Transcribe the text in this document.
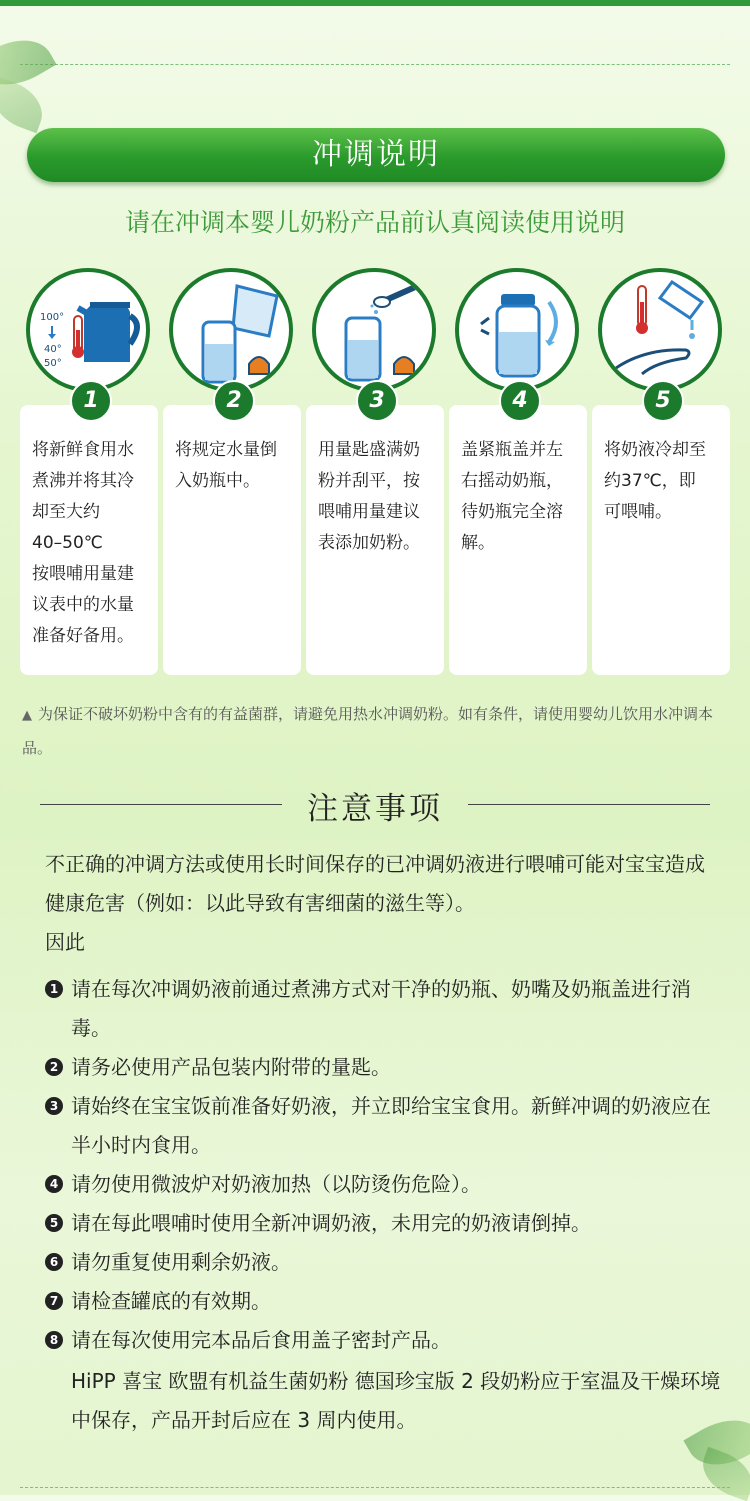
冲调说明
请在冲调本婴儿奶粉产品前认真阅读使用说明

将新鲜食用水
煮沸并将其冷
却至大约
40–50℃
按喂哺用量建
议表中的水量
准备好备用。

将规定水量倒
入奶瓶中。

用量匙盛满奶
粉并刮平，按
喂哺用量建议
表添加奶粉。

盖紧瓶盖并左
右摇动奶瓶，
待奶瓶完全溶
解。

将奶液冷却至
约37℃，即
可喂哺。

100°
40°
50°
1	2	3	4	5
▲ 为保证不破坏奶粉中含有的有益菌群，请避免用热水冲调奶粉。如有条件，请使用婴幼儿饮用水冲调本品。
注意事项
不正确的冲调方法或使用长时间保存的已冲调奶液进行喂哺可能对宝宝造成健康危害（例如：以此导致有害细菌的滋生等）。
因此
1 请在每次冲调奶液前通过煮沸方式对干净的奶瓶、奶嘴及奶瓶盖进行消毒。
2 请务必使用产品包装内附带的量匙。
3 请始终在宝宝饭前准备好奶液，并立即给宝宝食用。新鲜冲调的奶液应在半小时内食用。
4 请勿使用微波炉对奶液加热（以防烫伤危险）。
5 请在每此喂哺时使用全新冲调奶液，未用完的奶液请倒掉。
6 请勿重复使用剩余奶液。
7 请检查罐底的有效期。
8 请在每次使用完本品后食用盖子密封产品。
HiPP 喜宝 欧盟有机益生菌奶粉 德国珍宝版 2 段奶粉应于室温及干燥环境中保存，产品开封后应在 3 周内使用。
